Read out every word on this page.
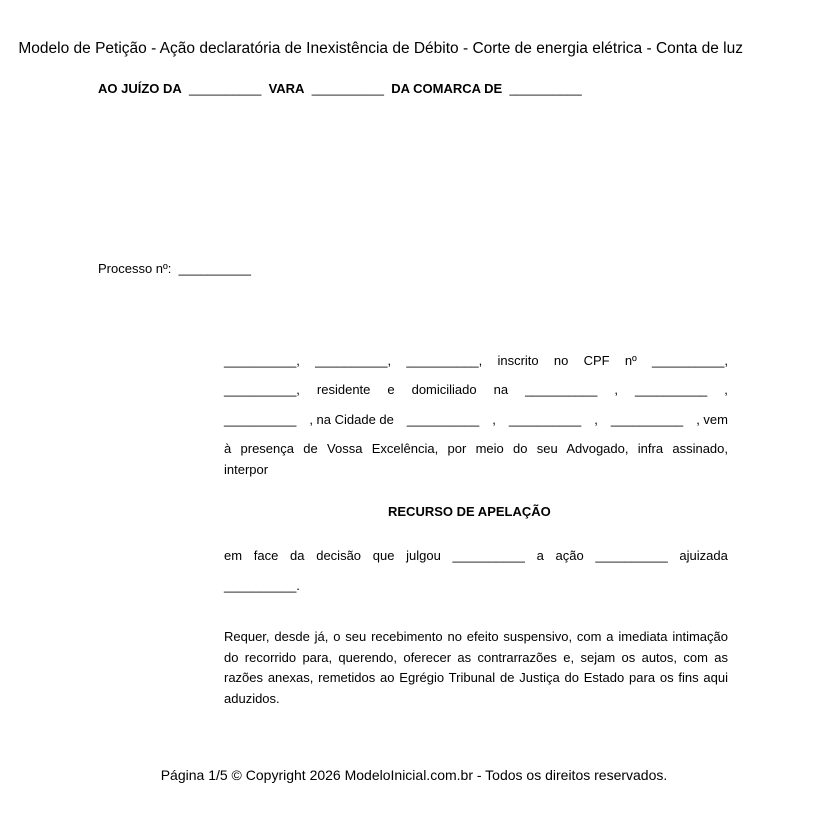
Modelo de Petição - Ação declaratória de Inexistência de Débito - Corte de energia elétrica - Conta de luz
AO JUÍZO DA __________ VARA __________ DA COMARCA DE __________
Processo nº: __________
__________, __________, __________, inscrito no CPF nº __________,
__________, residente e domiciliado na __________ , __________ ,
__________ , na Cidade de __________ , __________ , __________ , vem
à presença de Vossa Excelência, por meio do seu Advogado, infra assinado,
interpor
RECURSO DE APELAÇÃO
em face da decisão que julgou __________ a ação __________ ajuizada
__________.
Requer, desde já, o seu recebimento no efeito suspensivo, com a imediata intimação do recorrido para, querendo, oferecer as contrarrazões e, sejam os autos, com as razões anexas, remetidos ao Egrégio Tribunal de Justiça do Estado para os fins aqui aduzidos.
Página 1/5 © Copyright 2026 ModeloInicial.com.br - Todos os direitos reservados.
